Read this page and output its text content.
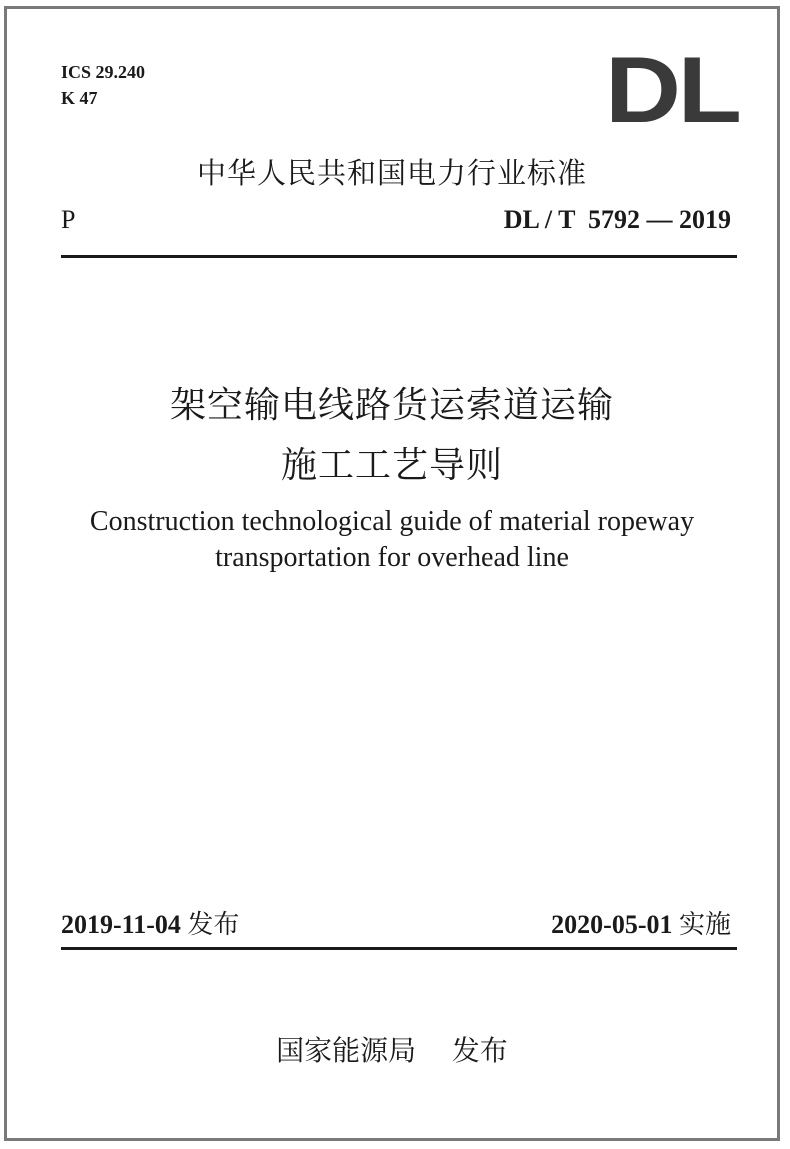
ICS 29.240
K 47	DL
中华人民共和国电力行业标准
P	DL / T  5792 — 2019
架空输电线路货运索道运输
施工工艺导则
Construction technological guide of material ropeway
transportation for overhead line
2019-11-04 发布	2020-05-01 实施
国家能源局 发布
